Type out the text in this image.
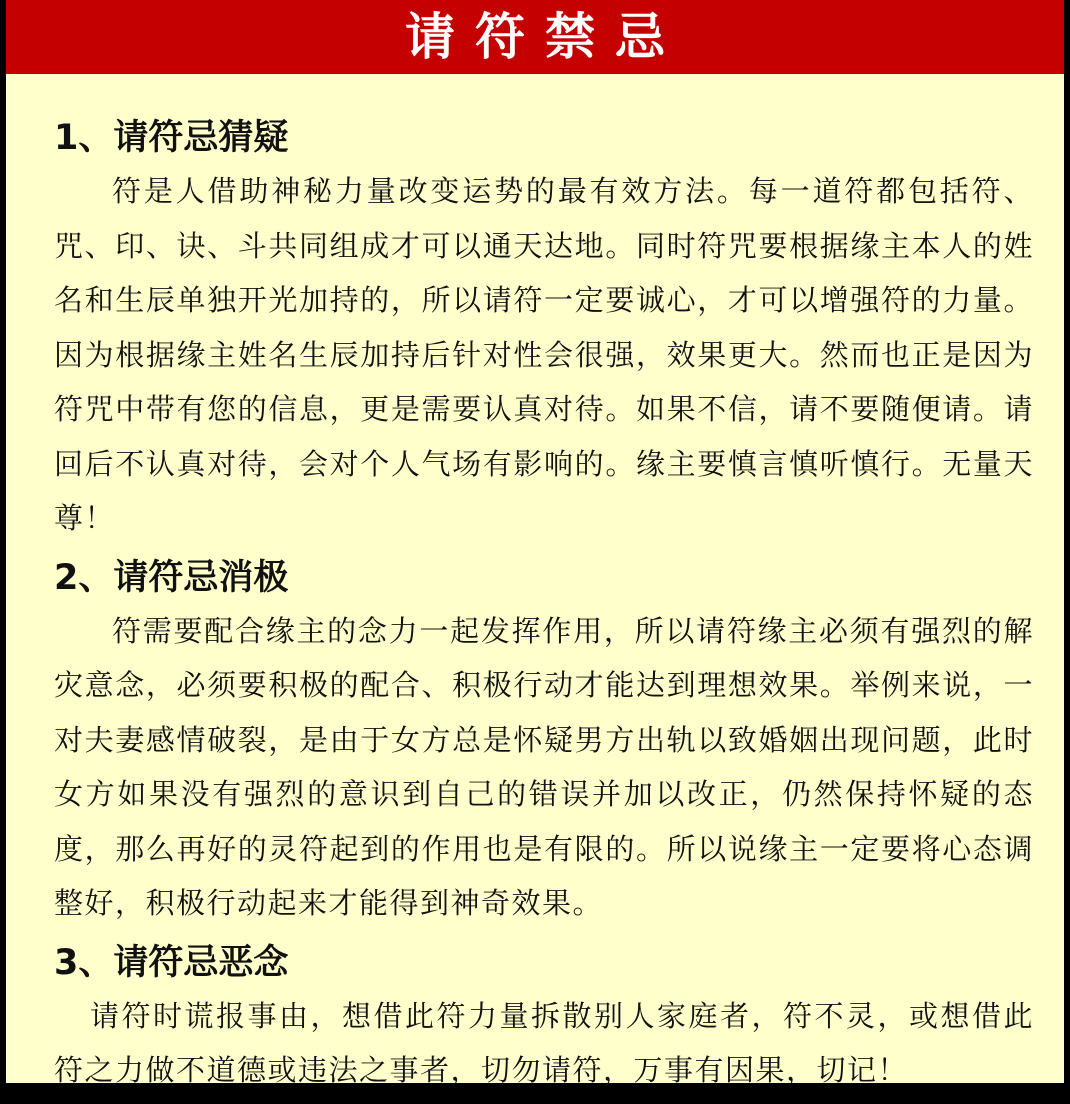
请符禁忌
1、请符忌猜疑

符是人借助神秘力量改变运势的最有效方法。每一道符都包括符、咒、印、诀、斗共同组成才可以通天达地。同时符咒要根据缘主本人的姓名和生辰单独开光加持的，所以请符一定要诚心，才可以增强符的力量。因为根据缘主姓名生辰加持后针对性会很强，效果更大。然而也正是因为符咒中带有您的信息，更是需要认真对待。如果不信，请不要随便请。请回后不认真对待，会对个人气场有影响的。缘主要慎言慎听慎行。无量天尊！

2、请符忌消极

符需要配合缘主的念力一起发挥作用，所以请符缘主必须有强烈的解灾意念，必须要积极的配合、积极行动才能达到理想效果。举例来说，一对夫妻感情破裂，是由于女方总是怀疑男方出轨以致婚姻出现问题，此时女方如果没有强烈的意识到自己的错误并加以改正，仍然保持怀疑的态度，那么再好的灵符起到的作用也是有限的。所以说缘主一定要将心态调整好，积极行动起来才能得到神奇效果。

3、请符忌恶念

请符时谎报事由，想借此符力量拆散别人家庭者，符不灵，或想借此符之力做不道德或违法之事者，切勿请符，万事有因果，切记！
